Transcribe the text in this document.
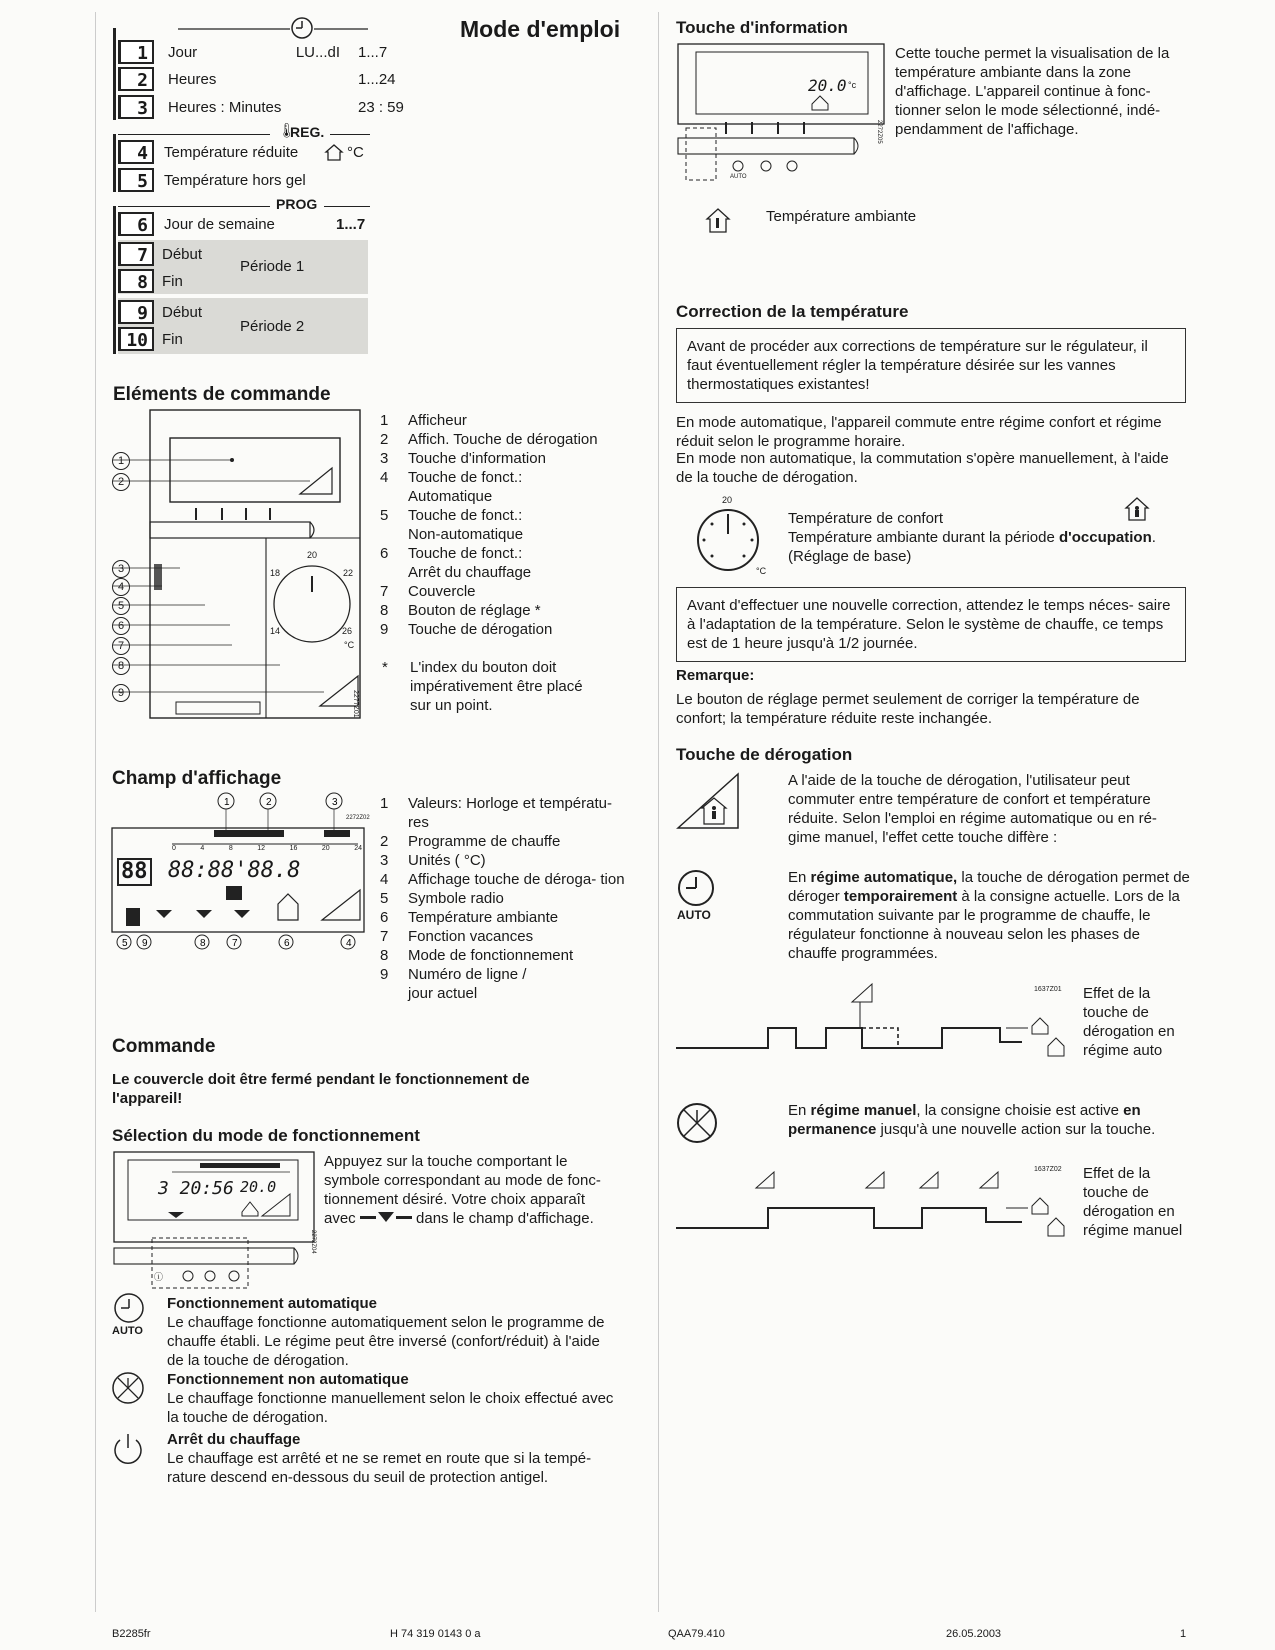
Mode d'emploi
1	Jour	LU...dI 1...7
2	Heures	1...24
3	Heures : Minutes	23 : 59
🌡
REG.
4	Température réduite	°C
5	Température hors gel
PROG
6	Jour de semaine	1...7
7 Début
8 Fin
Période 1
9 Début
10 Fin
Période 2
Eléments de commande
20
18	22
14	26
°C
2277Z01
1
2
3
4
5
6
7
8
9
1	Afficheur
2	Affich. Touche de dérogation
3	Touche d'information
4	Touche de fonct.: Automatique
5	Touche de fonct.: Non-automatique
6	Touche de fonct.: Arrêt du chauffage
7	Couvercle
8	Bouton de réglage *
9	Touche de dérogation
* L'index du bouton doit impérativement être placé sur un point.
Champ d'affichage
1	2	3
5 9	8	7	6	4
0	4	8	12	16	20	24
88 88:88'88.8
2272Z02
1	Valeurs: Horloge et températu- res
2	Programme de chauffe
3	Unités ( °C)
4	Affichage touche de déroga- tion
5	Symbole radio
6	Température ambiante
7	Fonction vacances
8	Mode de fonctionnement
9	Numéro de ligne / jour actuel
Commande
Le couvercle doit être fermé pendant le fonctionnement de l'appareil!
Sélection du mode de fonctionnement
ⓘ
3 20:56 20.0
2272Z04
Appuyez sur la touche comportant le symbole correspondant au mode de fonc- tionnement désiré. Votre choix apparaît avec	dans le champ d'affichage.
AUTO
Fonctionnement automatique
Le chauffage fonctionne automatiquement selon le programme de chauffe établi. Le régime peut être inversé (confort/réduit) à l'aide de la touche de dérogation.
Fonctionnement non automatique
Le chauffage fonctionne manuellement selon le choix effectué avec la touche de dérogation.
Arrêt du chauffage
Le chauffage est arrêté et ne se remet en route que si la tempé- rature descend en-dessous du seuil de protection antigel.
Touche d'information
20.0 °c
AUTO
2272Z05
Cette touche permet la visualisation de la température ambiante dans la zone d'affichage. L'appareil continue à fonc- tionner selon le mode sélectionné, indé- pendamment de l'affichage.
Température ambiante
Correction de la température
Avant de procéder aux corrections de température sur le régulateur, il faut éventuellement régler la température désirée sur les vannes thermostatiques existantes!
En mode automatique, l'appareil commute entre régime confort et régime réduit selon le programme horaire.
En mode non automatique, la commutation s'opère manuellement, à l'aide de la touche de dérogation.
20
°C
Température de confort
Température ambiante durant la période d'occupation.
(Réglage de base)
Avant d'effectuer une nouvelle correction, attendez le temps néces- saire à l'adaptation de la température. Selon le système de chauffe, ce temps est de 1 heure jusqu'à 1/2 journée.
Remarque:
Le bouton de réglage permet seulement de corriger la température de confort; la température réduite reste inchangée.
Touche de dérogation
A l'aide de la touche de dérogation, l'utilisateur peut commuter entre température de confort et température réduite. Selon l'emploi en régime automatique ou en ré- gime manuel, l'effet cette touche diffère :
AUTO
En régime automatique, la touche de dérogation permet de déroger temporairement à la consigne actuelle. Lors de la commutation suivante par le programme de chauffe, le régulateur fonctionne à nouveau selon les phases de chauffe programmées.
1637Z01 Effet de la touche de dérogation en régime auto
En régime manuel, la consigne choisie est active en permanence jusqu'à une nouvelle action sur la touche.
1637Z02 Effet de la touche de dérogation en régime manuel
B2285fr	H 74 319 0143 0 a	QAA79.410	26.05.2003	1
